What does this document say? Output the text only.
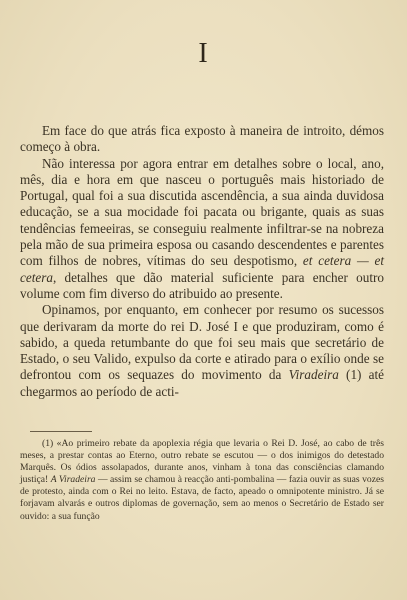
I

Em face do que atrás fica exposto à maneira de introito, démos começo à obra.

Não interessa por agora entrar em detalhes sobre o local, ano, mês, dia e hora em que nasceu o português mais historiado de Portugal, qual foi a sua discutida ascendência, a sua ainda duvidosa educação, se a sua mocidade foi pacata ou brigante, quais as suas tendências femeeiras, se conseguiu realmente infiltrar-se na nobreza pela mão de sua primeira esposa ou casando descendentes e parentes com filhos de nobres, vítimas do seu despotismo, et cetera — et cetera, detalhes que dão material suficiente para encher outro volume com fim diverso do atribuido ao presente.

Opinamos, por enquanto, em conhecer por resumo os sucessos que derivaram da morte do rei D. José I e que produziram, como é sabido, a queda retumbante do que foi seu mais que secretário de Estado, o seu Valido, expulso da corte e atirado para o exílio onde se defrontou com os sequazes do movimento da Viradeira (1) até chegarmos ao período de acti-

(1) «Ao primeiro rebate da apoplexia régia que levaria o Rei D. José, ao cabo de três meses, a prestar contas ao Eterno, outro rebate se escutou — o dos inimigos do detestado Marquês. Os ódios assolapados, durante anos, vinham à tona das consciências clamando justiça! A Viradeira — assim se chamou à reacção anti-pombalina — fazia ouvir as suas vozes de protesto, ainda com o Rei no leito. Estava, de facto, apeado o omnipotente ministro. Já se forjavam alvarás e outros diplomas de governação, sem ao menos o Secretário de Estado ser ouvido: a sua função
